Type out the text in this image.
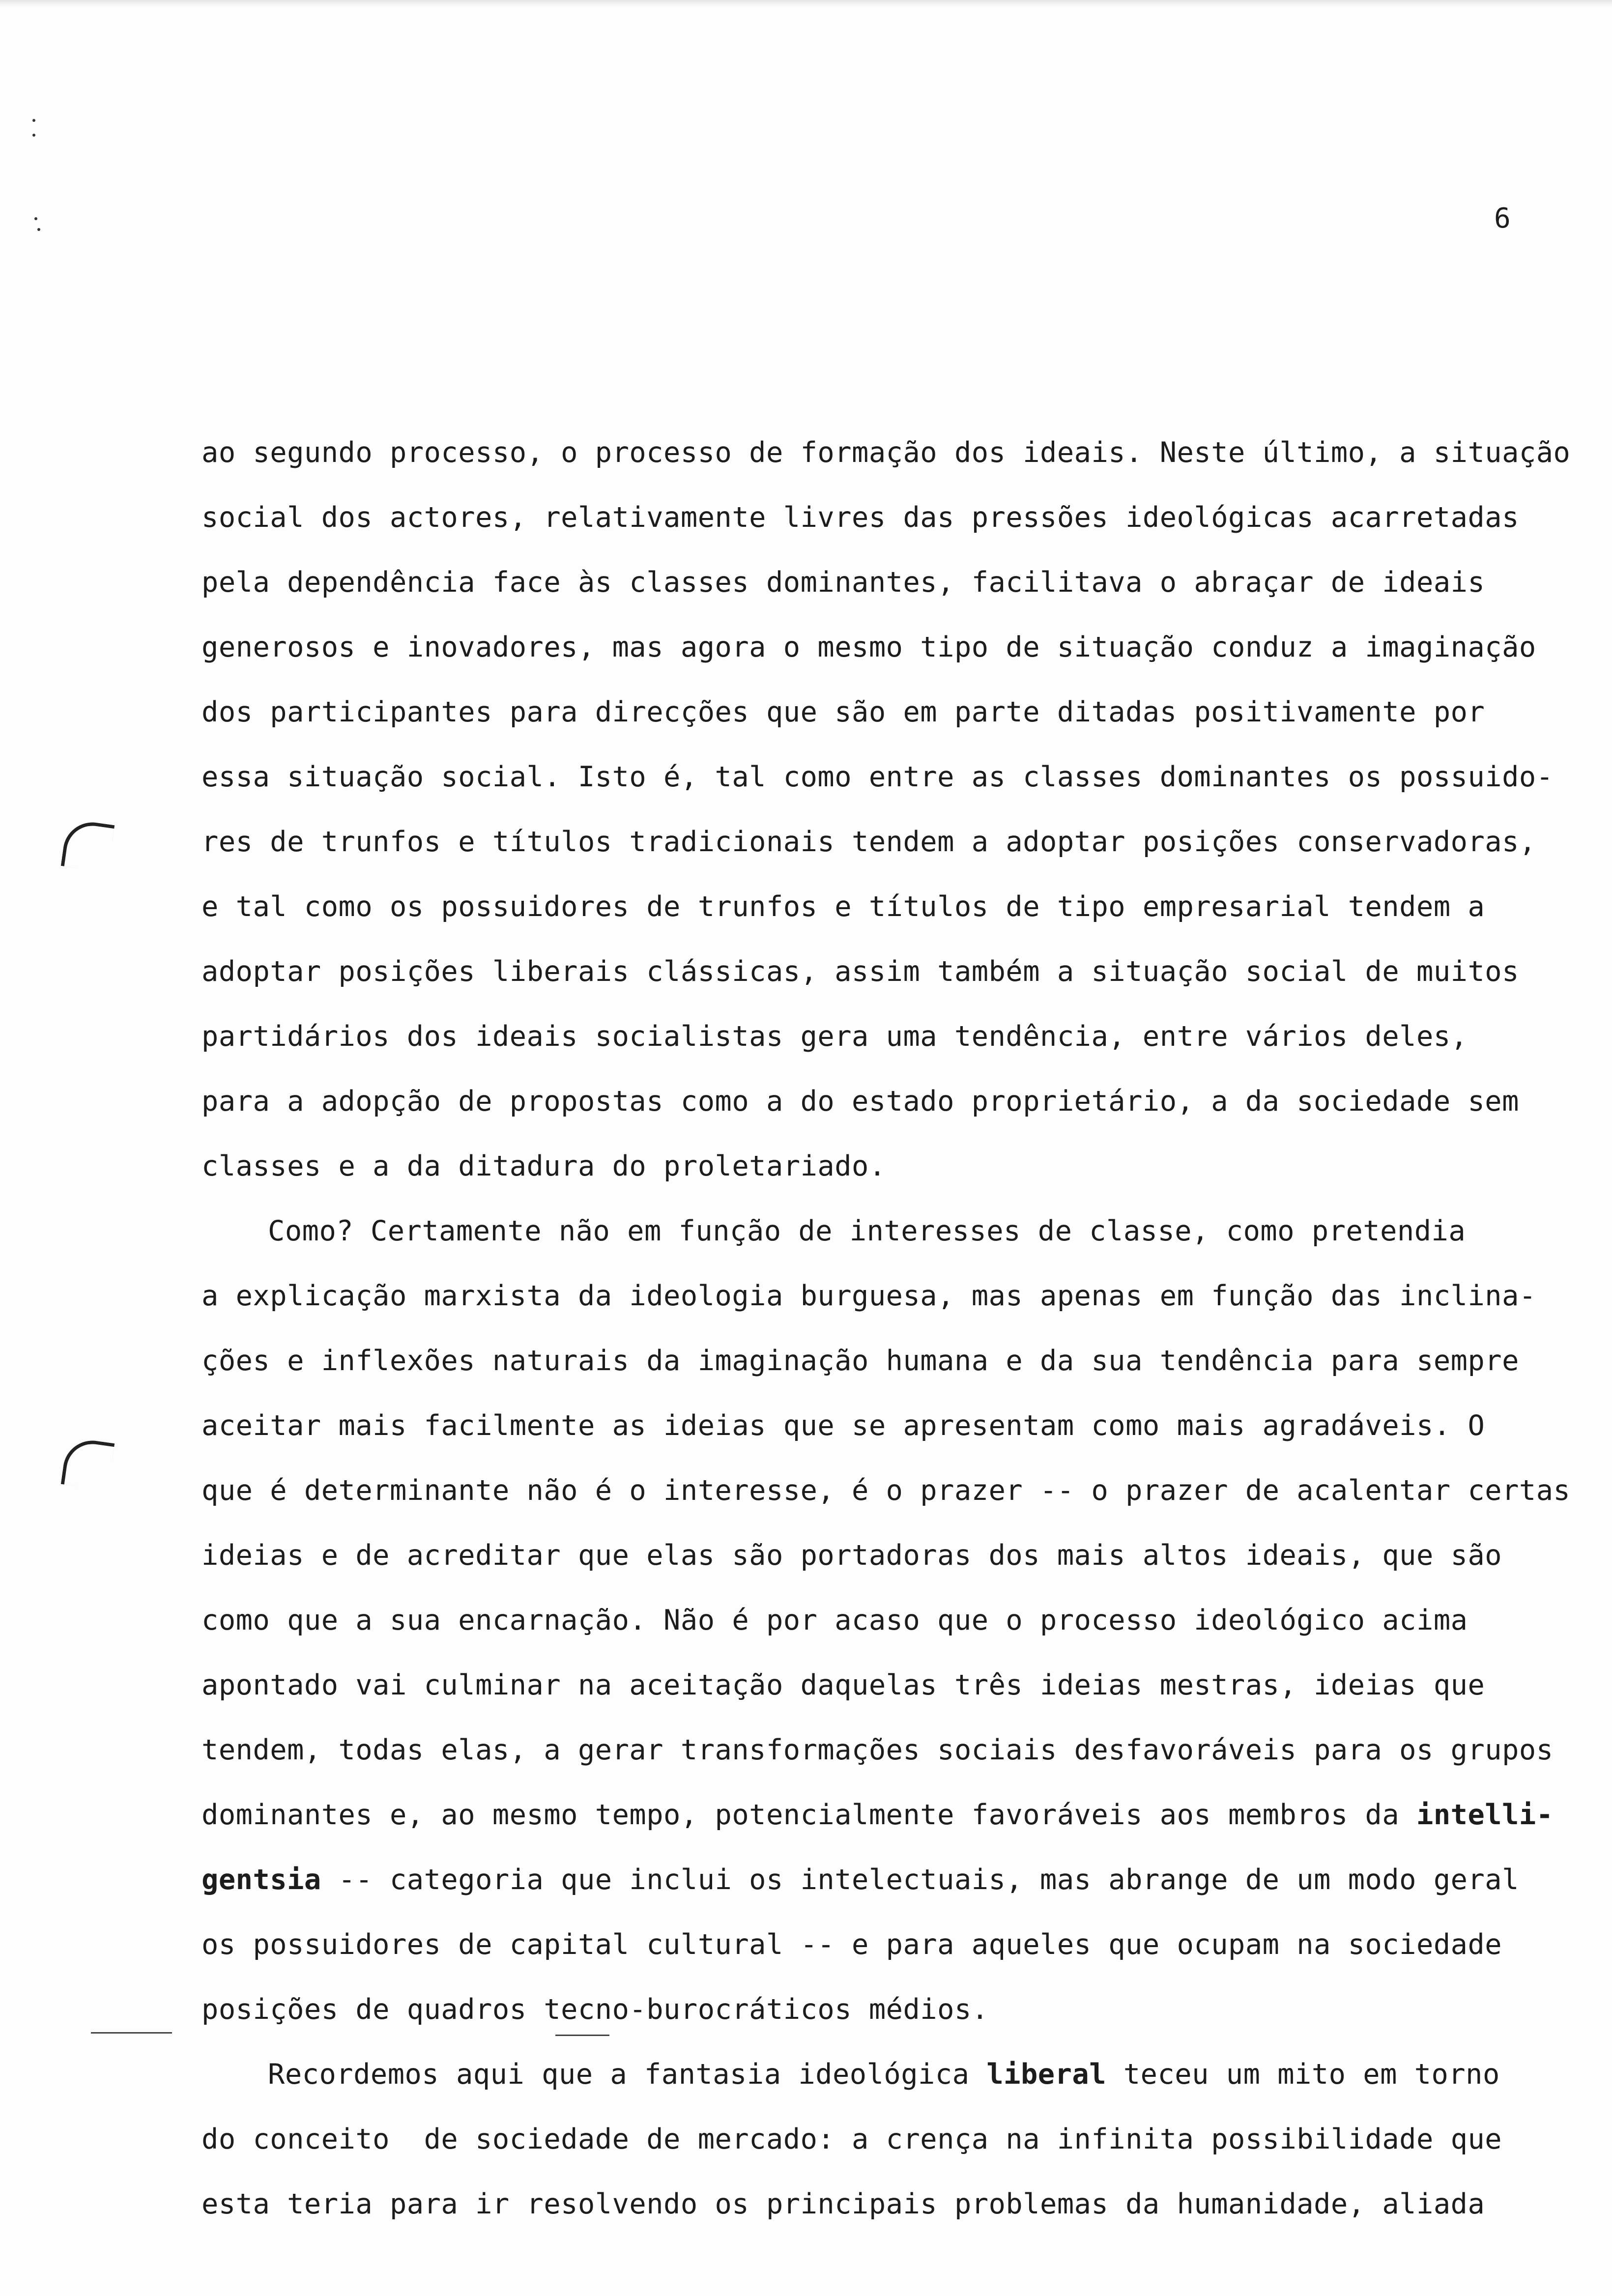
6
ao segundo processo, o processo de formação dos ideais. Neste último, a situação
social dos actores, relativamente livres das pressões ideológicas acarretadas
pela dependência face às classes dominantes, facilitava o abraçar de ideais
generosos e inovadores, mas agora o mesmo tipo de situação conduz a imaginação
dos participantes para direcções que são em parte ditadas positivamente por
essa situação social. Isto é, tal como entre as classes dominantes os possuido-
res de trunfos e títulos tradicionais tendem a adoptar posições conservadoras,
e tal como os possuidores de trunfos e títulos de tipo empresarial tendem a
adoptar posições liberais clássicas, assim também a situação social de muitos
partidários dos ideais socialistas gera uma tendência, entre vários deles,
para a adopção de propostas como a do estado proprietário, a da sociedade sem
classes e a da ditadura do proletariado.
Como? Certamente não em função de interesses de classe, como pretendia
a explicação marxista da ideologia burguesa, mas apenas em função das inclina-
ções e inflexões naturais da imaginação humana e da sua tendência para sempre
aceitar mais facilmente as ideias que se apresentam como mais agradáveis. O
que é determinante não é o interesse, é o prazer -- o prazer de acalentar certas
ideias e de acreditar que elas são portadoras dos mais altos ideais, que são
como que a sua encarnação. Não é por acaso que o processo ideológico acima
apontado vai culminar na aceitação daquelas três ideias mestras, ideias que
tendem, todas elas, a gerar transformações sociais desfavoráveis para os grupos
dominantes e, ao mesmo tempo, potencialmente favoráveis aos membros da intelli-
gentsia -- categoria que inclui os intelectuais, mas abrange de um modo geral
os possuidores de capital cultural -- e para aqueles que ocupam na sociedade
posições de quadros tecno-burocráticos médios.
Recordemos aqui que a fantasia ideológica liberal teceu um mito em torno
do conceito  de sociedade de mercado: a crença na infinita possibilidade que
esta teria para ir resolvendo os principais problemas da humanidade, aliada
